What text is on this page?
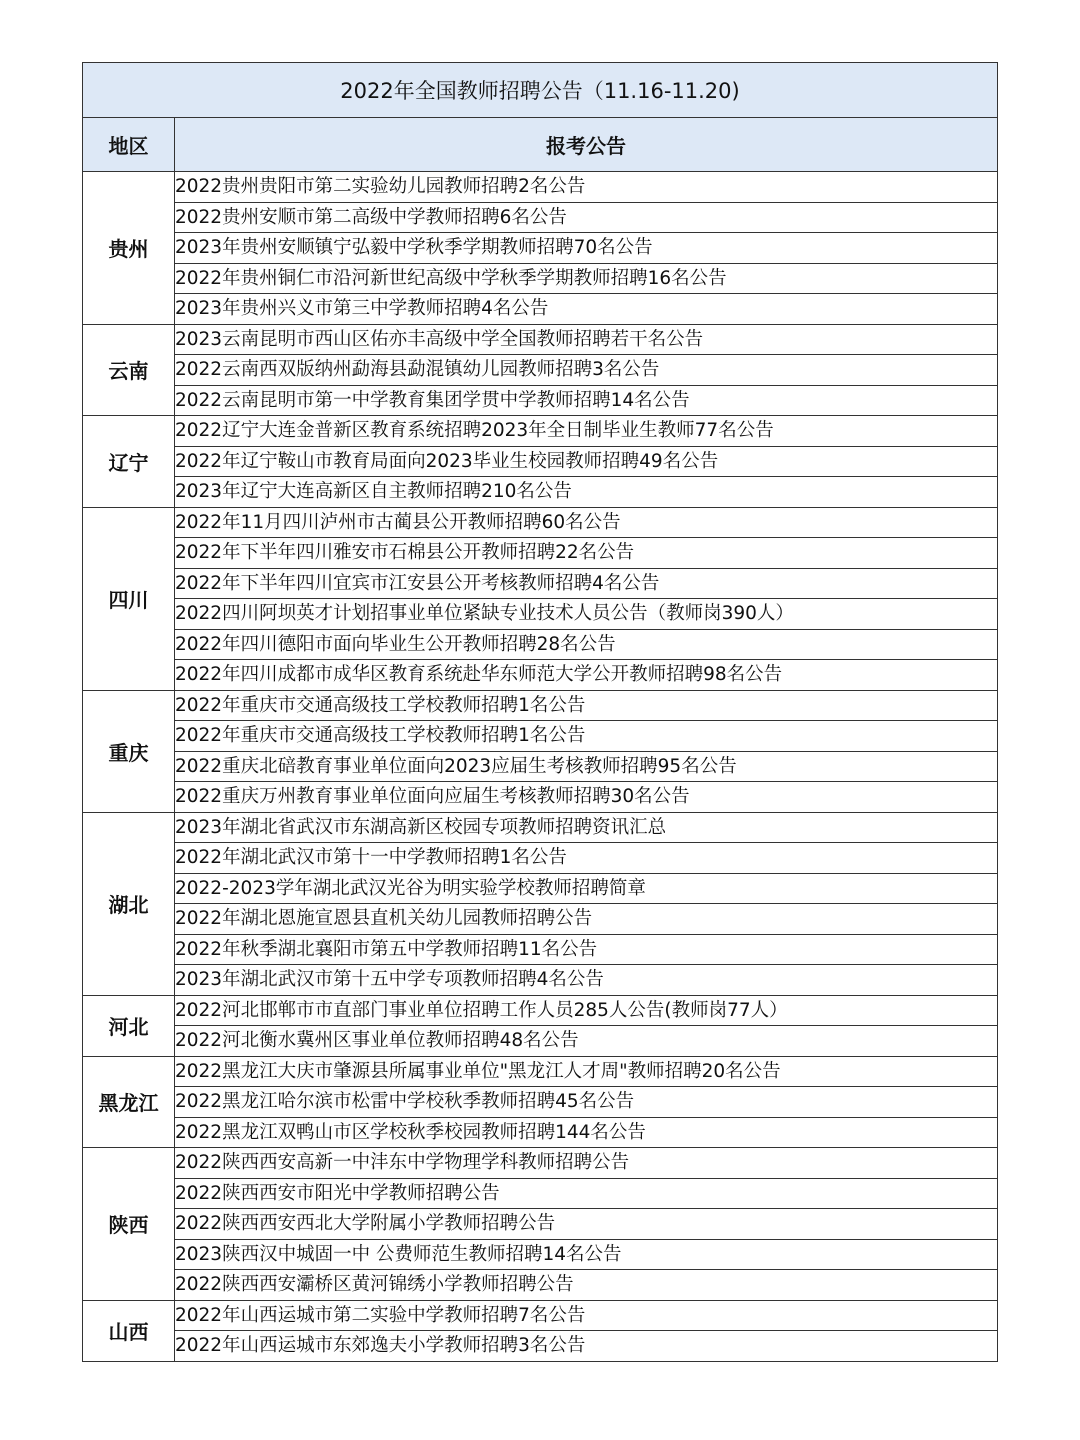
2022年全国教师招聘公告（11.16-11.20)	
地区	报考公告
贵州	2022贵州贵阳市第二实验幼儿园教师招聘2名公告
	2022贵州安顺市第二高级中学教师招聘6名公告
	2023年贵州安顺镇宁弘毅中学秋季学期教师招聘70名公告
	2022年贵州铜仁市沿河新世纪高级中学秋季学期教师招聘16名公告
	2023年贵州兴义市第三中学教师招聘4名公告
云南	2023云南昆明市西山区佑亦丰高级中学全国教师招聘若干名公告
	2022云南西双版纳州勐海县勐混镇幼儿园教师招聘3名公告
	2022云南昆明市第一中学教育集团学贯中学教师招聘14名公告
辽宁	2022辽宁大连金普新区教育系统招聘2023年全日制毕业生教师77名公告
	2022年辽宁鞍山市教育局面向2023毕业生校园教师招聘49名公告
	2023年辽宁大连高新区自主教师招聘210名公告
四川	2022年11月四川泸州市古蔺县公开教师招聘60名公告
	2022年下半年四川雅安市石棉县公开教师招聘22名公告
	2022年下半年四川宜宾市江安县公开考核教师招聘4名公告
	2022四川阿坝英才计划招事业单位紧缺专业技术人员公告（教师岗390人）
	2022年四川德阳市面向毕业生公开教师招聘28名公告
	2022年四川成都市成华区教育系统赴华东师范大学公开教师招聘98名公告
重庆	2022年重庆市交通高级技工学校教师招聘1名公告
	2022年重庆市交通高级技工学校教师招聘1名公告
	2022重庆北碚教育事业单位面向2023应届生考核教师招聘95名公告
	2022重庆万州教育事业单位面向应届生考核教师招聘30名公告
湖北	2023年湖北省武汉市东湖高新区校园专项教师招聘资讯汇总
	2022年湖北武汉市第十一中学教师招聘1名公告
	2022-2023学年湖北武汉光谷为明实验学校教师招聘简章
	2022年湖北恩施宣恩县直机关幼儿园教师招聘公告
	2022年秋季湖北襄阳市第五中学教师招聘11名公告
	2023年湖北武汉市第十五中学专项教师招聘4名公告
河北	2022河北邯郸市市直部门事业单位招聘工作人员285人公告(教师岗77人）
	2022河北衡水冀州区事业单位教师招聘48名公告
黑龙江	2022黑龙江大庆市肇源县所属事业单位"黑龙江人才周"教师招聘20名公告
	2022黑龙江哈尔滨市松雷中学校秋季教师招聘45名公告
	2022黑龙江双鸭山市区学校秋季校园教师招聘144名公告
陕西	2022陕西西安高新一中沣东中学物理学科教师招聘公告
	2022陕西西安市阳光中学教师招聘公告
	2022陕西西安西北大学附属小学教师招聘公告
	2023陕西汉中城固一中 公费师范生教师招聘14名公告
	2022陕西西安灞桥区黄河锦绣小学教师招聘公告
山西	2022年山西运城市第二实验中学教师招聘7名公告
	2022年山西运城市东郊逸夫小学教师招聘3名公告
